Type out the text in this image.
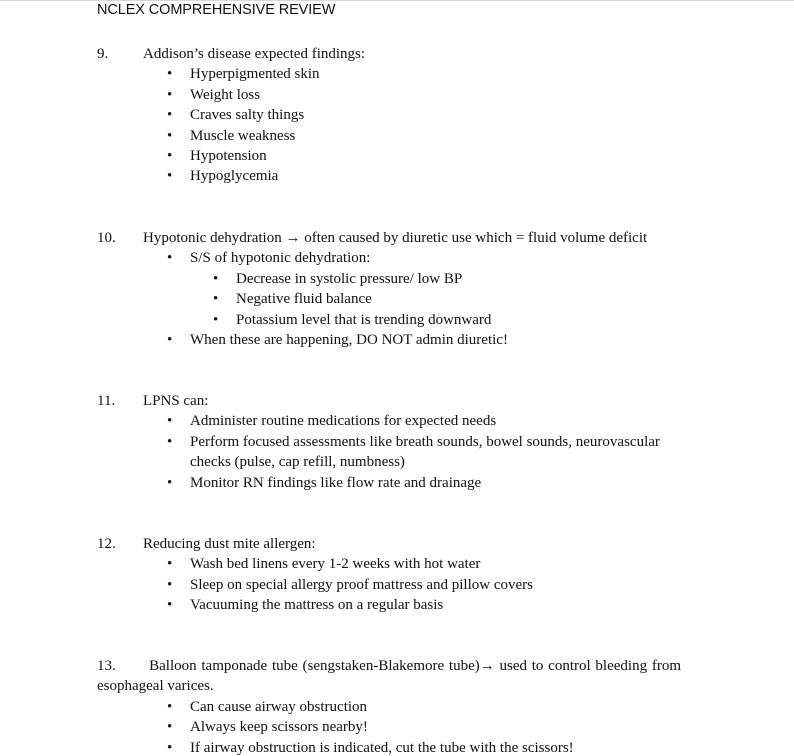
NCLEX COMPREHENSIVE REVIEW
9. Addison’s disease expected findings:
• Hyperpigmented skin
• Weight loss
• Craves salty things
• Muscle weakness
• Hypotension
• Hypoglycemia
10. Hypotonic dehydration → often caused by diuretic use which = fluid volume deficit
• S/S of hypotonic dehydration:
• Decrease in systolic pressure/ low BP
• Negative fluid balance
• Potassium level that is trending downward
• When these are happening, DO NOT admin diuretic!
11. LPNS can:
• Administer routine medications for expected needs
• Perform focused assessments like breath sounds, bowel sounds, neurovascular
checks (pulse, cap refill, numbness)
• Monitor RN findings like flow rate and drainage
12. Reducing dust mite allergen:
• Wash bed linens every 1-2 weeks with hot water
• Sleep on special allergy proof mattress and pillow covers
• Vacuuming the mattress on a regular basis
13. Balloon tamponade tube (sengstaken-Blakemore tube)→ used to control bleeding from
esophageal varices.
• Can cause airway obstruction
• Always keep scissors nearby!
• If airway obstruction is indicated, cut the tube with the scissors!
